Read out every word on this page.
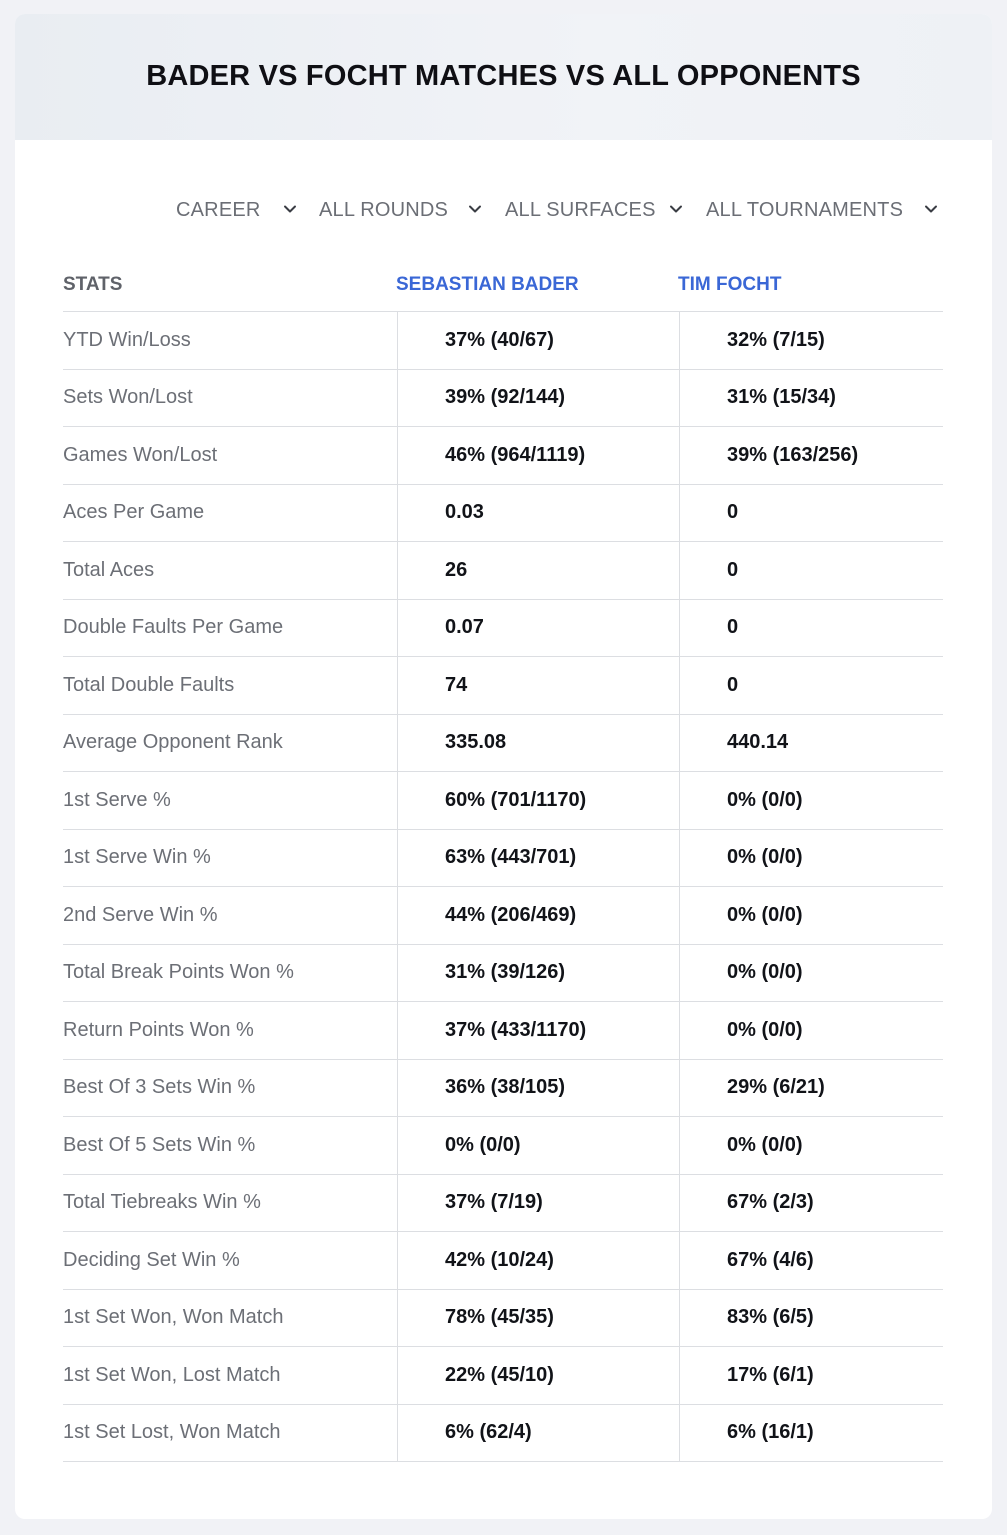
BADER VS FOCHT MATCHES VS ALL OPPONENTS
CAREER	ALL ROUNDS	ALL SURFACES	ALL TOURNAMENTS
STATS	SEBASTIAN BADER	TIM FOCHT
YTD Win/Loss	37% (40/67)	32% (7/15)
Sets Won/Lost	39% (92/144)	31% (15/34)
Games Won/Lost	46% (964/1119)	39% (163/256)
Aces Per Game	0.03	0
Total Aces	26	0
Double Faults Per Game	0.07	0
Total Double Faults	74	0
Average Opponent Rank	335.08	440.14
1st Serve %	60% (701/1170)	0% (0/0)
1st Serve Win %	63% (443/701)	0% (0/0)
2nd Serve Win %	44% (206/469)	0% (0/0)
Total Break Points Won %	31% (39/126)	0% (0/0)
Return Points Won %	37% (433/1170)	0% (0/0)
Best Of 3 Sets Win %	36% (38/105)	29% (6/21)
Best Of 5 Sets Win %	0% (0/0)	0% (0/0)
Total Tiebreaks Win %	37% (7/19)	67% (2/3)
Deciding Set Win %	42% (10/24)	67% (4/6)
1st Set Won, Won Match	78% (45/35)	83% (6/5)
1st Set Won, Lost Match	22% (45/10)	17% (6/1)
1st Set Lost, Won Match	6% (62/4)	6% (16/1)
